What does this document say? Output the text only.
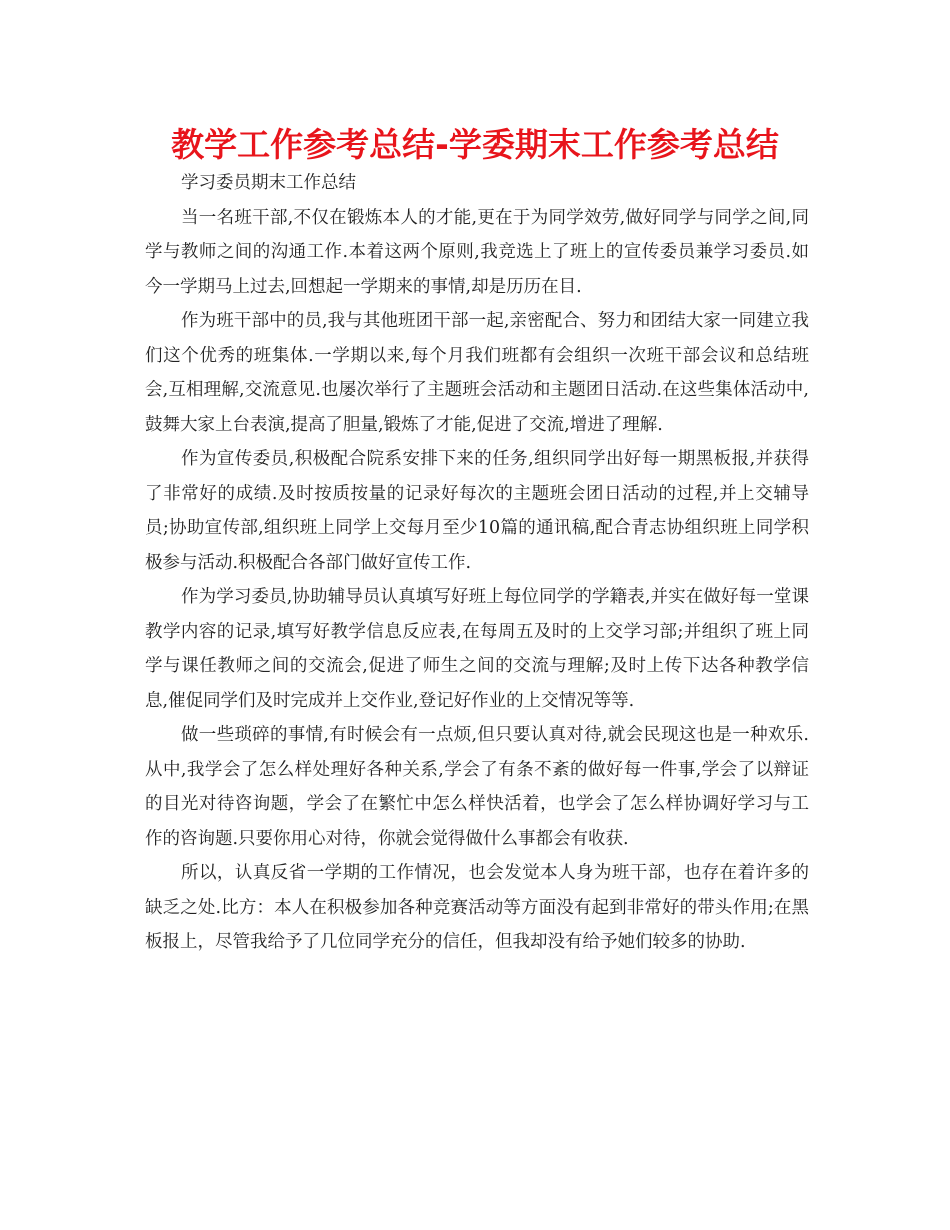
教学工作参考总结-学委期末工作参考总结

学习委员期末工作总结

当一名班干部,不仅在锻炼本人的才能,更在于为同学效劳,做好同学与同学之间,同学与教师之间的沟通工作.本着这两个原则,我竞选上了班上的宣传委员兼学习委员.如今一学期马上过去,回想起一学期来的事情,却是历历在目.

作为班干部中的员,我与其他班团干部一起,亲密配合、努力和团结大家一同建立我们这个优秀的班集体.一学期以来,每个月我们班都有会组织一次班干部会议和总结班会,互相理解,交流意见.也屡次举行了主题班会活动和主题团日活动.在这些集体活动中,鼓舞大家上台表演,提高了胆量,锻炼了才能,促进了交流,增进了理解.

作为宣传委员,积极配合院系安排下来的任务,组织同学出好每一期黑板报,并获得了非常好的成绩.及时按质按量的记录好每次的主题班会团日活动的过程,并上交辅导员;协助宣传部,组织班上同学上交每月至少10篇的通讯稿,配合青志协组织班上同学积极参与活动.积极配合各部门做好宣传工作.

作为学习委员,协助辅导员认真填写好班上每位同学的学籍表,并实在做好每一堂课教学内容的记录,填写好教学信息反应表,在每周五及时的上交学习部;并组织了班上同学与课任教师之间的交流会,促进了师生之间的交流与理解;及时上传下达各种教学信息,催促同学们及时完成并上交作业,登记好作业的上交情况等等.

做一些琐碎的事情,有时候会有一点烦,但只要认真对待,就会民现这也是一种欢乐.从中,我学会了怎么样处理好各种关系,学会了有条不紊的做好每一件事,学会了以辩证的目光对待咨询题，学会了在繁忙中怎么样快活着，也学会了怎么样协调好学习与工作的咨询题.只要你用心对待，你就会觉得做什么事都会有收获.

所以，认真反省一学期的工作情况，也会发觉本人身为班干部，也存在着许多的缺乏之处.比方：本人在积极参加各种竞赛活动等方面没有起到非常好的带头作用;在黑板报上，尽管我给予了几位同学充分的信任，但我却没有给予她们较多的协助.
